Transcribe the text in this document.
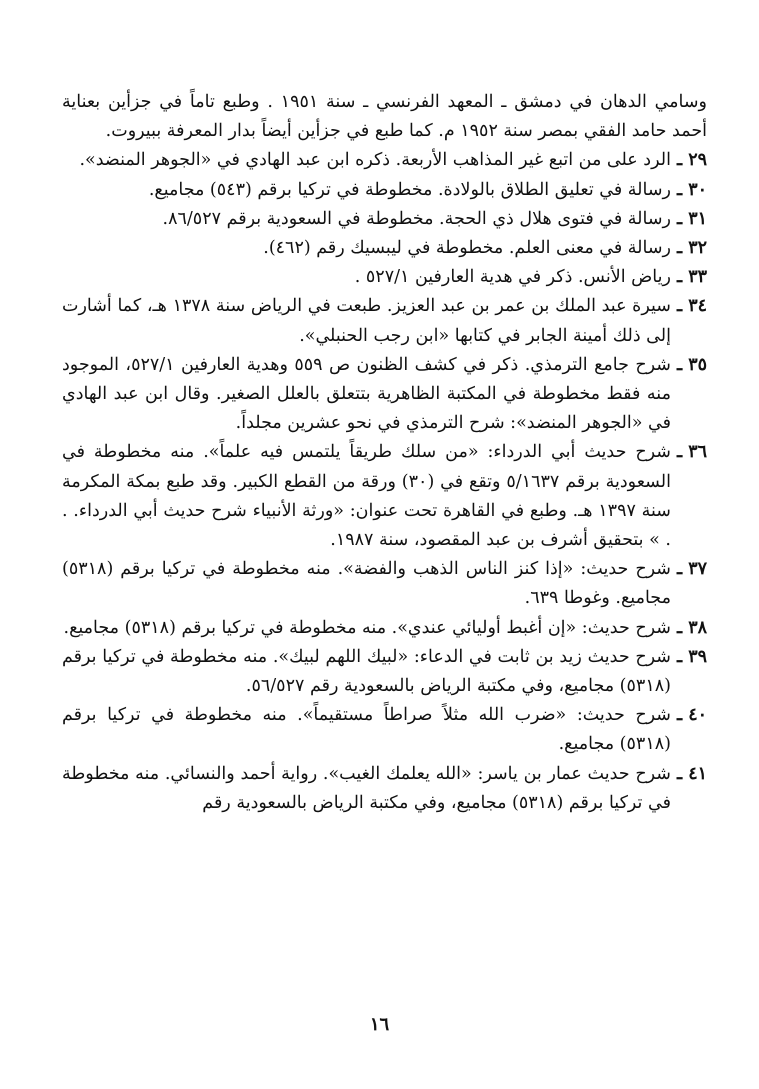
وسامي الدهان في دمشق ـ المعهد الفرنسي ـ سنة ١٩٥١ . وطبع تاماً في جزأين بعناية أحمد حامد الفقي بمصر سنة ١٩٥٢ م. كما طبع في جزأين أيضاً بدار المعرفة ببيروت.

٢٩ ـ
الرد على من اتبع غير المذاهب الأربعة. ذكره ابن عبد الهادي في «الجوهر المنضد».
٣٠ ـ
رسالة في تعليق الطلاق بالولادة. مخطوطة في تركيا برقم (٥٤٣) مجاميع.
٣١ ـ
رسالة في فتوى هلال ذي الحجة. مخطوطة في السعودية برقم ٨٦/٥٢٧.
٣٢ ـ
رسالة في معنى العلم. مخطوطة في ليبسيك رقم (٤٦٢).
٣٣ ـ
رياض الأنس. ذكر في هدية العارفين ٥٢٧/١ .
٣٤ ـ
سيرة عبد الملك بن عمر بن عبد العزيز. طبعت في الرياض سنة ١٣٧٨ هـ، كما أشارت إلى ذلك أمينة الجابر في كتابها «ابن رجب الحنبلي».
٣٥ ـ
شرح جامع الترمذي. ذكر في كشف الظنون ص ٥٥٩ وهدية العارفين ٥٢٧/١، الموجود منه فقط مخطوطة في المكتبة الظاهرية بتتعلق بالعلل الصغير. وقال ابن عبد الهادي في «الجوهر المنضد»: شرح الترمذي في نحو عشرين مجلداً.
٣٦ ـ
شرح حديث أبي الدرداء: «من سلك طريقاً يلتمس فيه علماً». منه مخطوطة في السعودية برقم ٥/١٦٣٧ وتقع في (٣٠) ورقة من القطع الكبير. وقد طبع بمكة المكرمة سنة ١٣٩٧ هـ. وطبع في القاهرة تحت عنوان: «ورثة الأنبياء شرح حديث أبي الدرداء. . . » بتحقيق أشرف بن عبد المقصود، سنة ١٩٨٧.
٣٧ ـ
شرح حديث: «إذا كنز الناس الذهب والفضة». منه مخطوطة في تركيا برقم (٥٣١٨) مجاميع. وغوطا ٦٣٩.
٣٨ ـ
شرح حديث: «إن أغبط أوليائي عندي». منه مخطوطة في تركيا برقم (٥٣١٨) مجاميع.
٣٩ ـ
شرح حديث زيد بن ثابت في الدعاء: «لبيك اللهم لبيك». منه مخطوطة في تركيا برقم (٥٣١٨) مجاميع، وفي مكتبة الرياض بالسعودية رقم ٥٦/٥٢٧.
٤٠ ـ
شرح حديث: «ضرب الله مثلاً صراطاً مستقيماً». منه مخطوطة في تركيا برقم (٥٣١٨) مجاميع.
٤١ ـ
شرح حديث عمار بن ياسر: «الله يعلمك الغيب». رواية أحمد والنسائي. منه مخطوطة في تركيا برقم (٥٣١٨) مجاميع، وفي مكتبة الرياض بالسعودية رقم
١٦
